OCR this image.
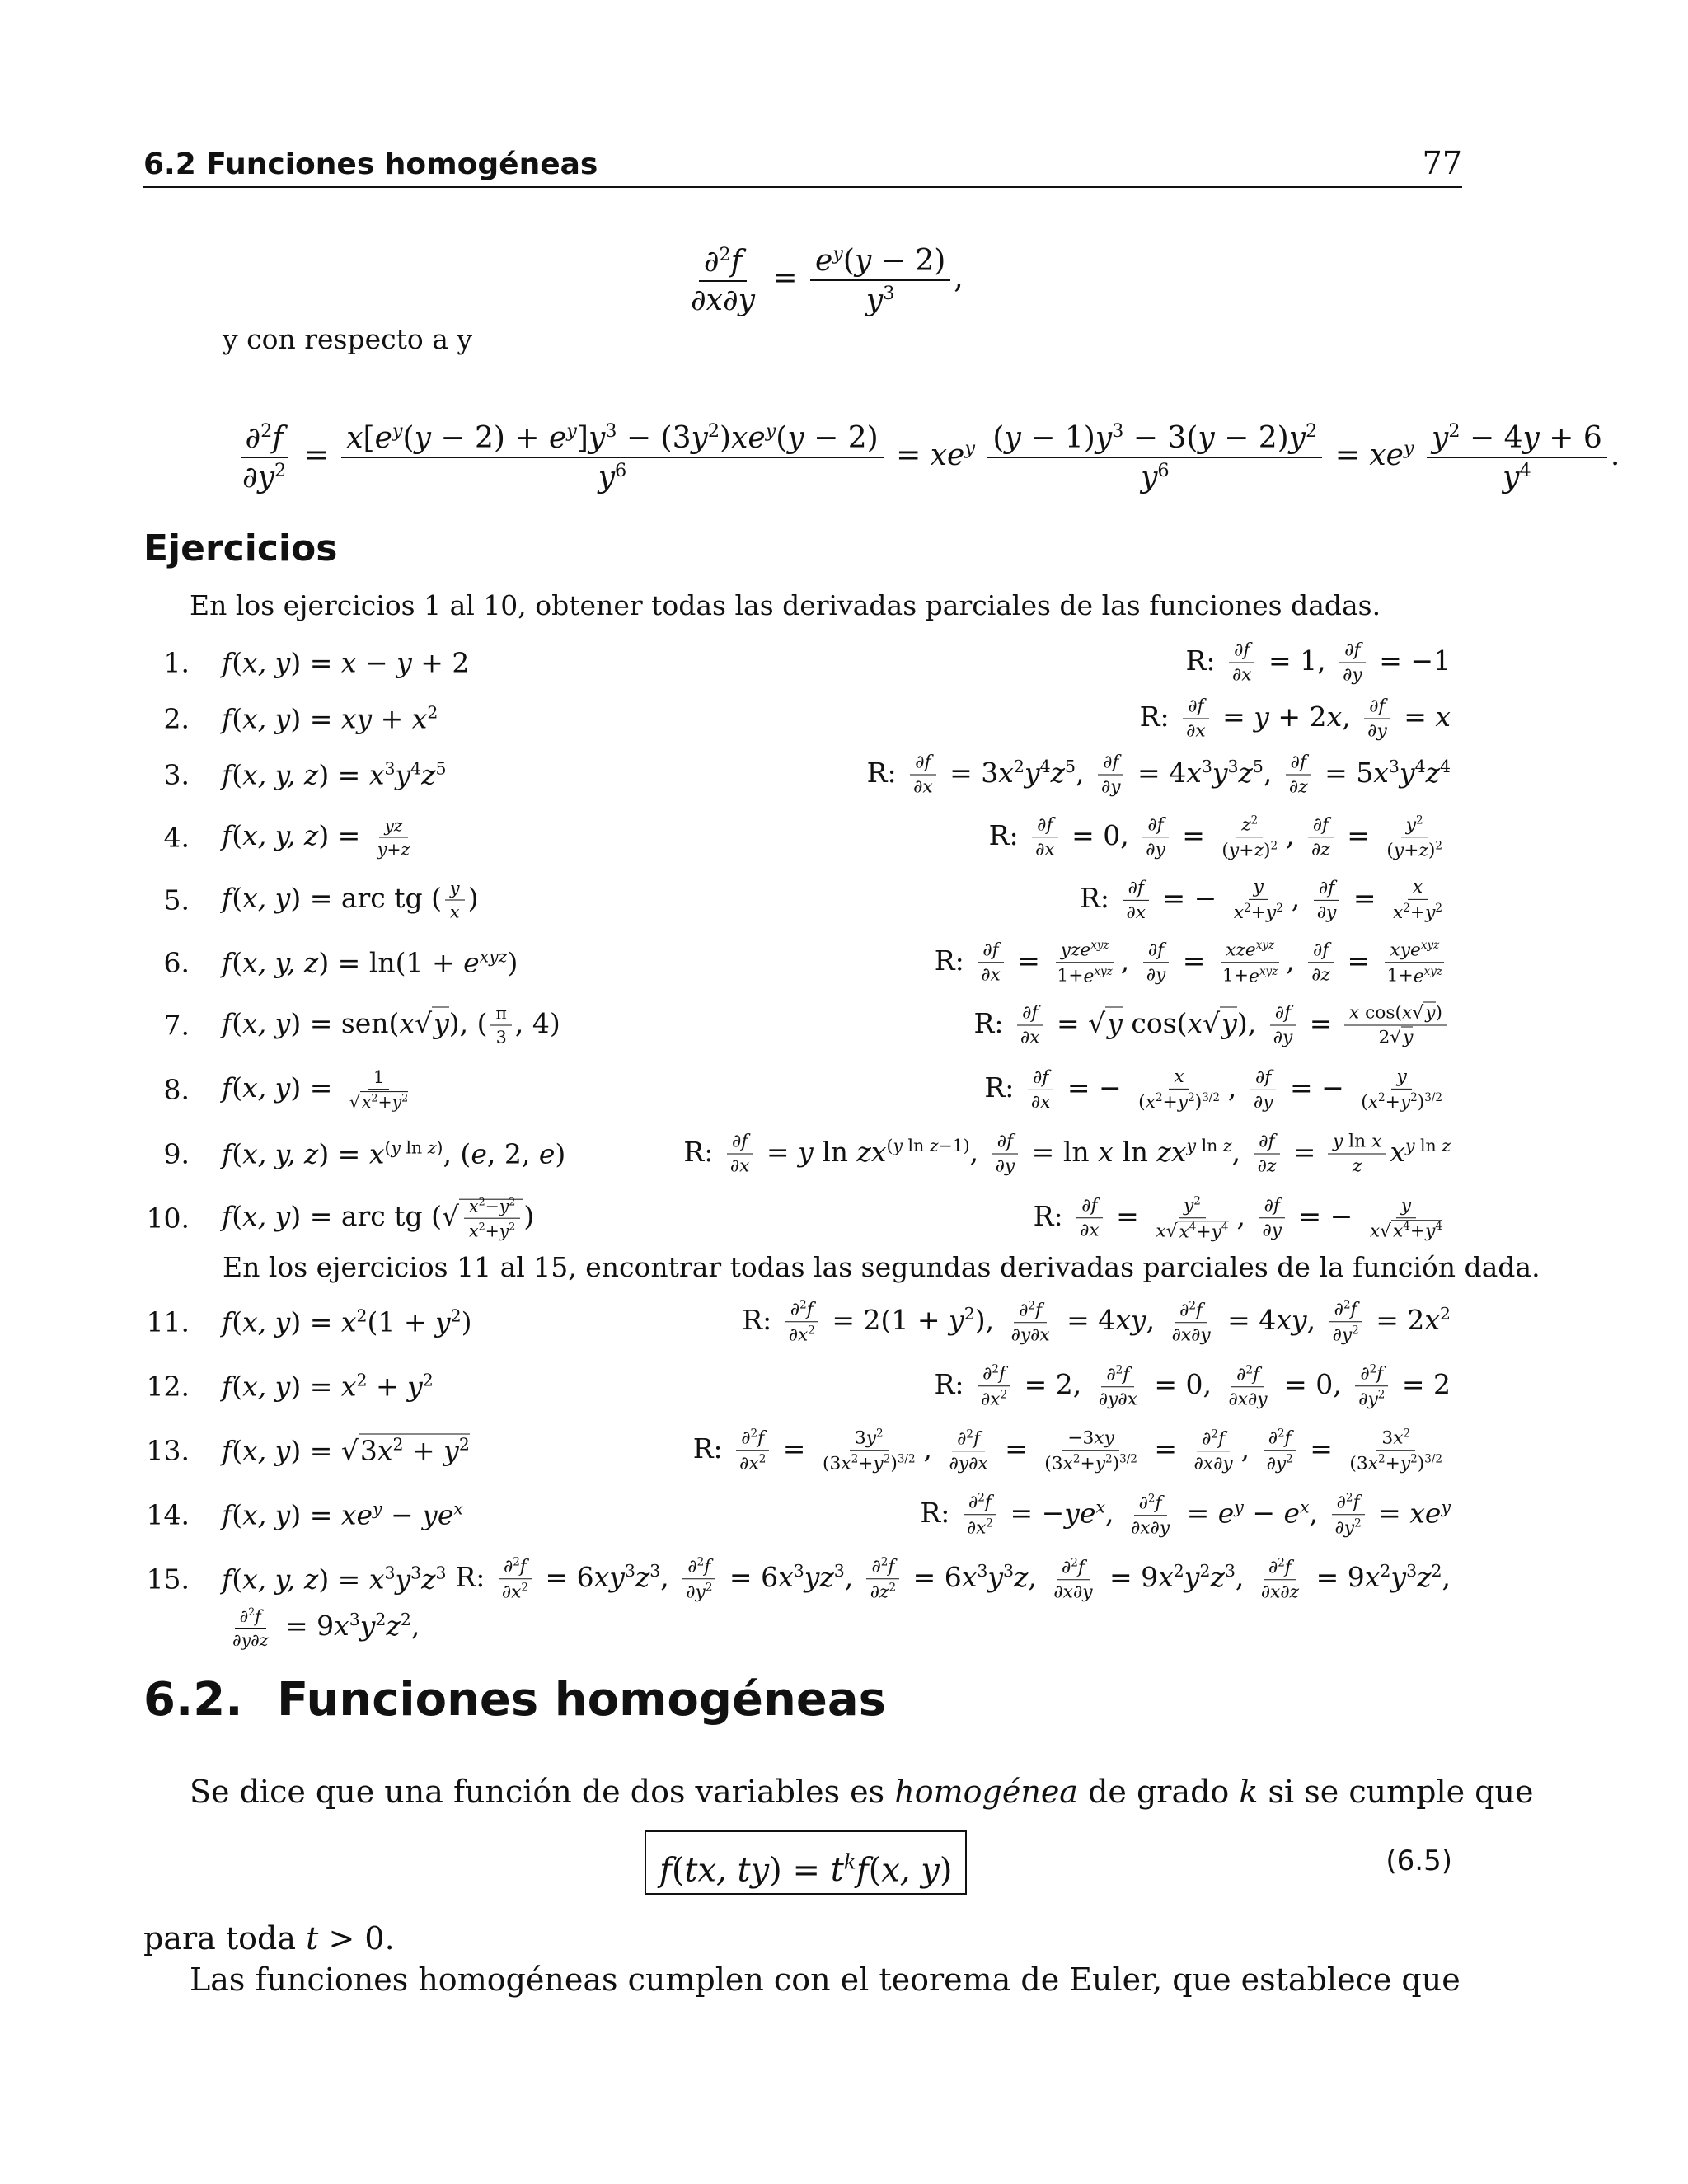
6.2 Funciones homogéneas	77
$\frac{\partial^2f}{\partial x\partial y} = \frac{e^y(y - 2)}{y^3}$ ,
y con respecto a y
$\frac{\partial^2f}{\partial y^2} = \frac{x[e^y(y - 2) + e^y]y^3 - (3y^2)xe^y(y - 2)}{y^6} = xe^y \frac{(y - 1)y^3 - 3(y - 2)y^2}{y^6} = xe^y \frac{y^2 - 4y + 6}{y^4}$ .
Ejercicios
En los ejercicios 1 al 10, obtener todas las derivadas parciales de las funciones dadas.
1. f(x, y) = x − y + 2	R: $\frac{\partial f}{\partial x} = 1$, $\frac{\partial f}{\partial y} = -1$
2. f(x, y) = xy + $x^2$	R: $\frac{\partial f}{\partial x} = y + 2x$, $\frac{\partial f}{\partial y} = x$
3. f(x, y, $z) = x^3y^4z^5$	R: $\frac{\partial f}{\partial x} = 3x^2y^4z^5$, $\frac{\partial f}{\partial y} = 4x^3y^3z^5$, $\frac{\partial f}{\partial z} = 5x^3y^4z^4$
4. f(x, y, $z) = \frac{yz}{y+z}$	R: $\frac{\partial f}{\partial x} = 0$, $\frac{\partial f}{\partial y} = \frac{z^2}{(y+z)^2}$ , $\frac{\partial f}{\partial z} = \frac{y^2}{(y+z)^2}$
5. f(x, y) = arc tg ( $\frac{y}{x}$ )	R: $\frac{\partial f}{\partial x}$ = − $\frac{y}{x^2+y^2}$ , $\frac{\partial f}{\partial y} = \frac{x}{x^2+y^2}$
6. f(x, y, $z) = \ln(1 + e^{xyz})$	R: $\frac{\partial f}{\partial x} = \frac{yze^{xyz}}{1+e^{xyz}}$ , $\frac{\partial f}{\partial y} = \frac{xze^{xyz}}{1+e^{xyz}}$ , $\frac{\partial f}{\partial z} = \frac{xye^{xyz}}{1+e^{xyz}}$
7. f(x, y) = sen(x√y), ( $\frac{\pi}{3}$ , 4)	R: $\frac{\partial f}{\partial x} = √y$ cos(x√y), $\frac{\partial f}{\partial y} = \frac{\text{x cos(x√y)}}{2√y}$
8. f(x, $y) = \frac{1}{√x^2+y^2}$	R: $\frac{\partial f}{\partial x}$ = − $\frac{x}{(x^2+y^2)^{3/2}}$ , $\frac{\partial f}{\partial y}$ = − $\frac{y}{(x^2+y^2)^{3/2}}$
9. f(x, y, $z) = x^{(y ln z)}$, (e, 2, e)	R: $\frac{\partial f}{\partial x} = y$ $\ln zx^{(y ln z-1)}$, $\frac{\partial f}{\partial y} = \ln x$ $\ln zx^{y ln z}$, $\frac{\partial f}{\partial z} = \frac{\text{y ln x}}{z} x^{y ln z}$
10. f(x, y) = arc tg (√ $\frac{x^2-y^2}{x^2+y^2}$ )	R: $\frac{\partial f}{\partial x} = \frac{y^2}{x√x^4+y^4}$ , $\frac{\partial f}{\partial y}$ = − $\frac{y}{x√x^4+y^4}$
En los ejercicios 11 al 15, encontrar todas las segundas derivadas parciales de la función dada.
11. f(x, $y) = x^2(1 + y^2)$	R: $\frac{\partial^2f}{\partial x^2} = 2(1 + y^2)$, $\frac{\partial^2f}{\partial y\partial x} = 4xy$, $\frac{\partial^2f}{\partial x\partial y} = 4xy$, $\frac{\partial^2f}{\partial y^2} = 2x^2$
12. f(x, $y) = x^2 + y^2$	R: $\frac{\partial^2f}{\partial x^2} = 2$, $\frac{\partial^2f}{\partial y\partial x} = 0$, $\frac{\partial^2f}{\partial x\partial y} = 0$, $\frac{\partial^2f}{\partial y^2} = 2$
13. f(x, $y) = √3x^2 + y^2$	R: $\frac{\partial^2f}{\partial x^2} = \frac{3y^2}{(3x^2+y^2)^{3/2}}$ , $\frac{\partial^2f}{\partial y\partial x} = \frac{-3xy}{(3x^2+y^2)^{3/2}} = \frac{\partial^2f}{\partial x\partial y}$ , $\frac{\partial^2f}{\partial y^2} = \frac{3x^2}{(3x^2+y^2)^{3/2}}$
14. f(x, $y) = xe^y - ye^x$	R: $\frac{\partial^2f}{\partial x^2} = -ye^x$, $\frac{\partial^2f}{\partial x\partial y} = e^y - e^x$, $\frac{\partial^2f}{\partial y^2} = xe^y$
15. f(x, y, $z) = x^3y^3z^3$ R: $\frac{\partial^2f}{\partial x^2} = 6xy^3z^3$, $\frac{\partial^2f}{\partial y^2} = 6x^3yz^3$, $\frac{\partial^2f}{\partial z^2} = 6x^3y^3z$, $\frac{\partial^2f}{\partial x\partial y} = 9x^2y^2z^3$, $\frac{\partial^2f}{\partial x\partial z} = 9x^2y^3z^2$,
$\frac{\partial^2f}{\partial y\partial z} = 9x^3y^2z^2$,
6.2. Funciones homogéneas
Se dice que una función de dos variables es homogénea de grado k si se cumple que
f(tx, $ty) = t^kf(x$, y)	(6.5)
para toda t > 0.
Las funciones homogéneas cumplen con el teorema de Euler, que establece que
